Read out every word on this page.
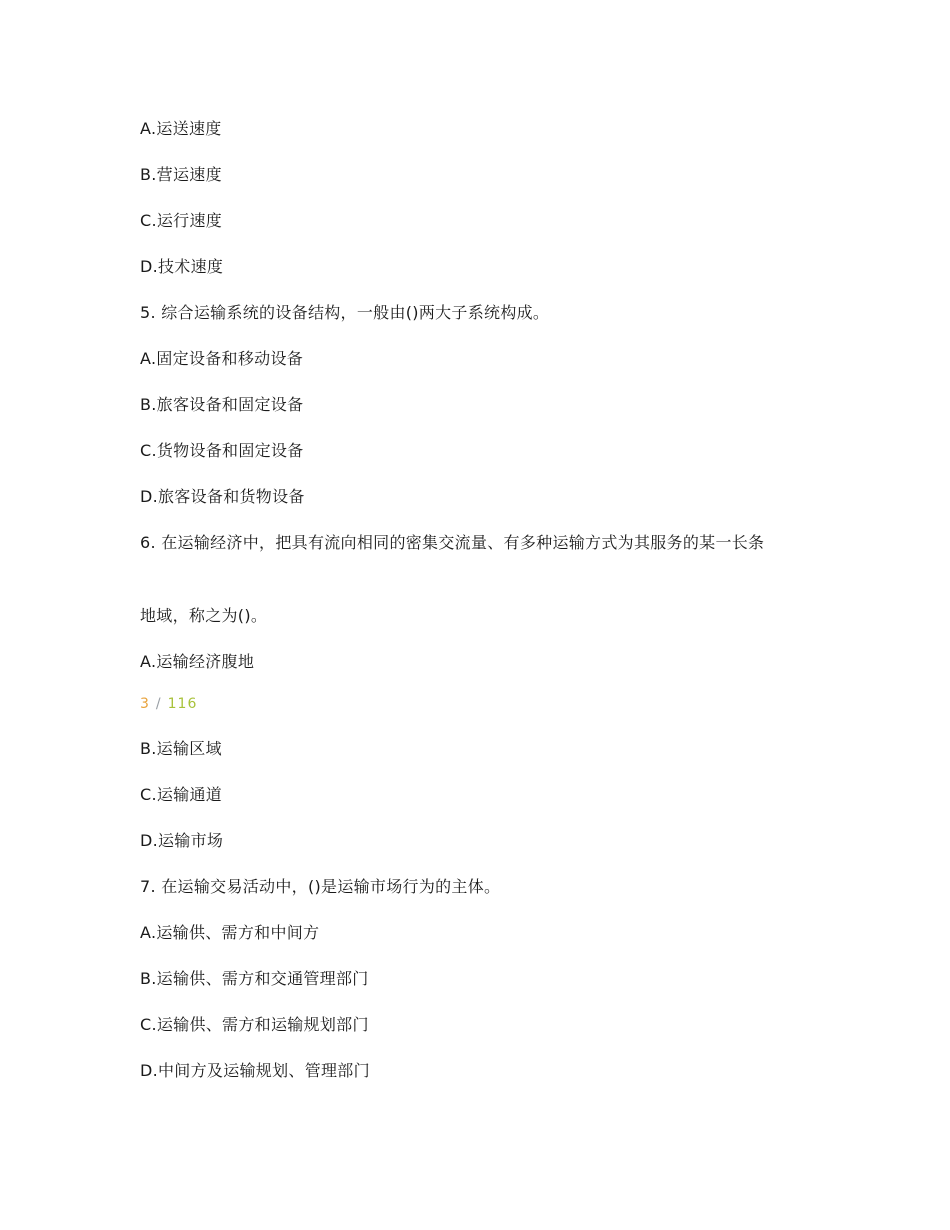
A.运送速度
B.营运速度
C.运行速度
D.技术速度
5. 综合运输系统的设备结构，一般由()两大子系统构成。
A.固定设备和移动设备
B.旅客设备和固定设备
C.货物设备和固定设备
D.旅客设备和货物设备
6. 在运输经济中，把具有流向相同的密集交流量、有多种运输方式为其服务的某一长条
地域，称之为()。
A.运输经济腹地
3 / 116
B.运输区域
C.运输通道
D.运输市场
7. 在运输交易活动中，()是运输市场行为的主体。
A.运输供、需方和中间方
B.运输供、需方和交通管理部门
C.运输供、需方和运输规划部门
D.中间方及运输规划、管理部门
